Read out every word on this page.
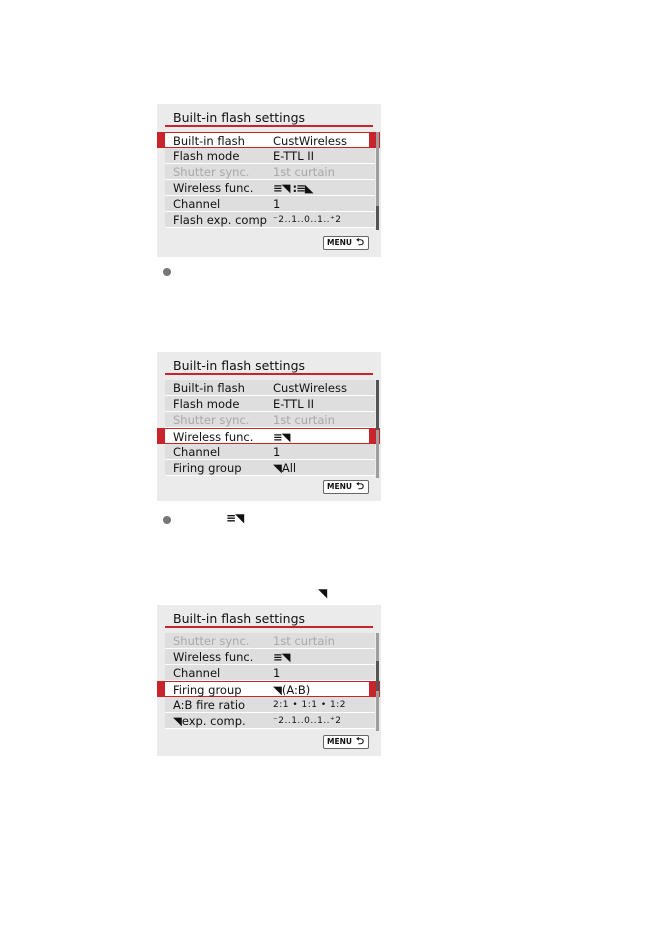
Built-in flash settings
Built-in flash CustWireless
Flash mode	E-TTL II
Shutter sync. 1st curtain
Wireless func. ≡◥ :≡◣
Channel	1
Flash exp. comp ⁻2..1..0..1..⁺2
MENU ⮌
Built-in flash settings
Built-in flash CustWireless
Flash mode	E-TTL II
Shutter sync. 1st curtain
Wireless func. ≡◥
Channel	1
Firing group	◥All
MENU ⮌
≡◥
◥
Built-in flash settings
Shutter sync. 1st curtain
Wireless func. ≡◥
Channel	1
Firing group	◥(A:B)
A:B fire ratio	2:1 • 1:1 • 1:2
◥exp. comp.	⁻2..1..0..1..⁺2
MENU ⮌
